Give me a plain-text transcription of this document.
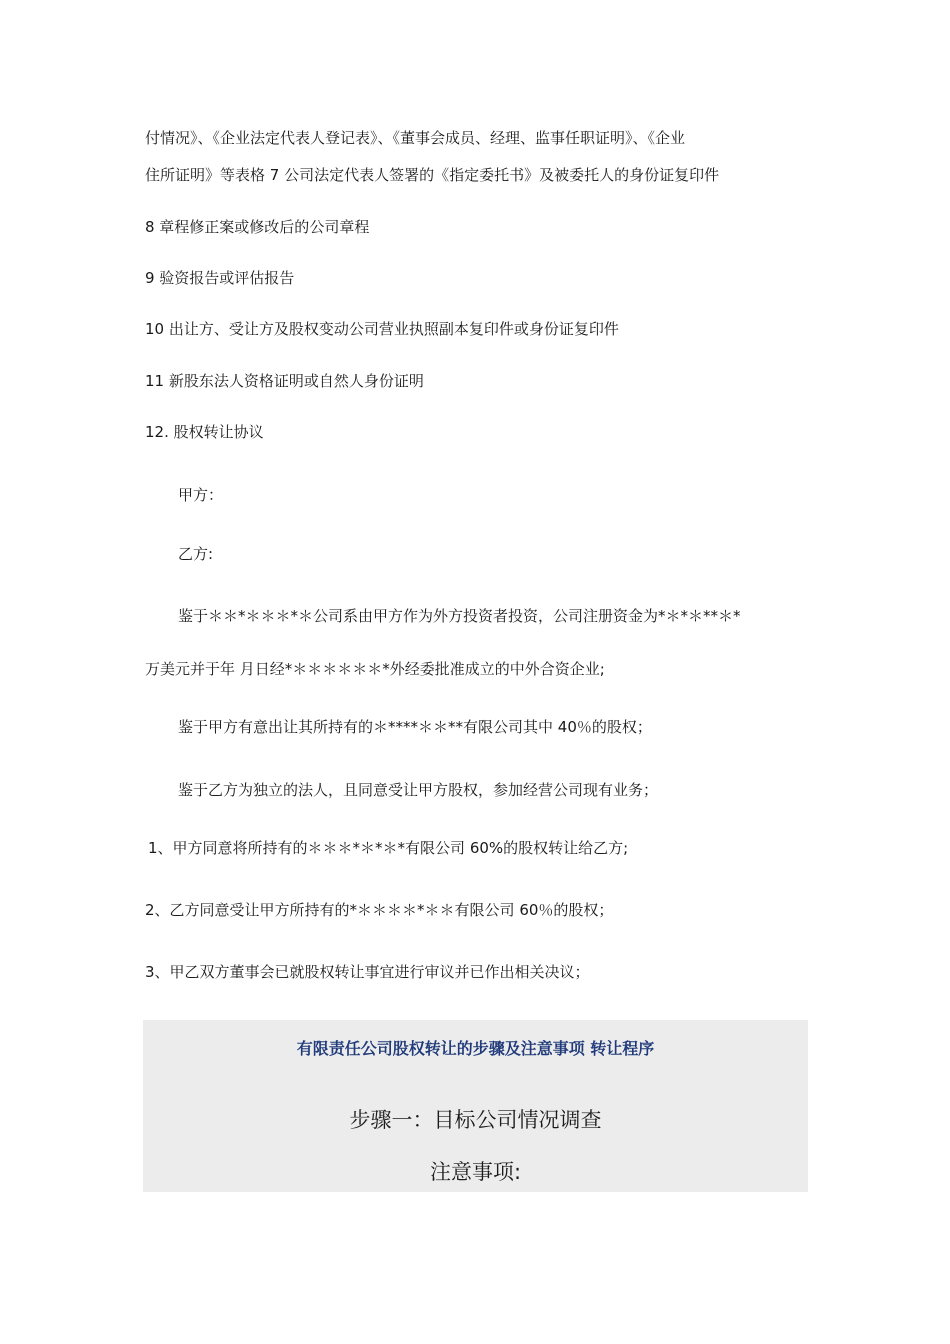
付情况》、《企业法定代表人登记表》、《董事会成员、经理、监事任职证明》、《企业
住所证明》等表格 7 公司法定代表人签署的《指定委托书》及被委托人的身份证复印件
8 章程修正案或修改后的公司章程
9 验资报告或评估报告
10 出让方、受让方及股权变动公司营业执照副本复印件或身份证复印件
11 新股东法人资格证明或自然人身份证明
12. 股权转让协议
甲方：
乙方:
鉴于＊＊*＊＊＊*＊公司系由甲方作为外方投资者投资，公司注册资金为*＊*＊**＊*
万美元并于年 月日经*＊＊＊＊＊＊*外经委批准成立的中外合资企业;
鉴于甲方有意出让其所持有的＊****＊＊**有限公司其中 40％的股权；
鉴于乙方为独立的法人，且同意受让甲方股权，参加经营公司现有业务；
1、甲方同意将所持有的＊＊＊*＊*＊*有限公司 60%的股权转让给乙方;
2、乙方同意受让甲方所持有的*＊＊＊＊*＊＊有限公司 60％的股权；
3、甲乙双方董事会已就股权转让事宜进行审议并已作出相关决议；
有限责任公司股权转让的步骤及注意事项 转让程序
步骤一：目标公司情况调查
注意事项:
